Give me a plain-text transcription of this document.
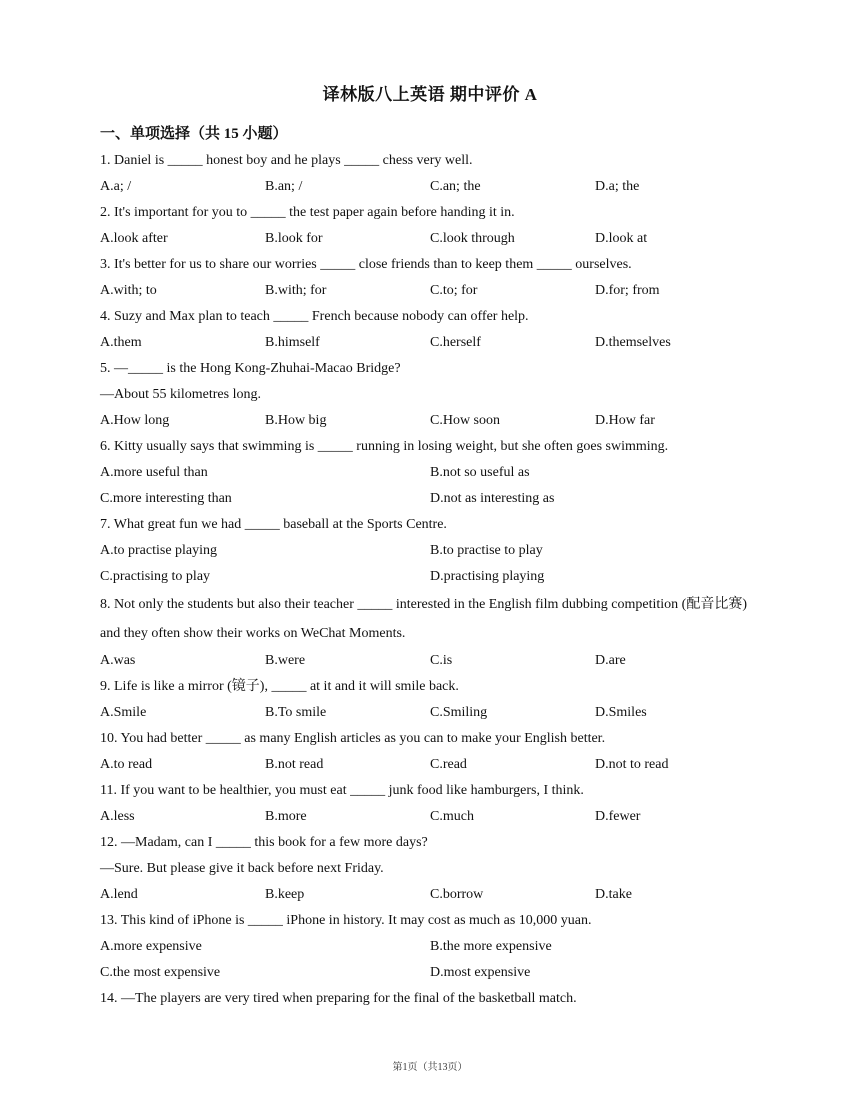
译林版八上英语 期中评价 A
一、单项选择（共 15 小题）
1. Daniel is _____ honest boy and he plays _____ chess very well.
A.a; /	B.an; /	C.an; the	D.a; the
2. It's important for you to _____ the test paper again before handing it in.
A.look after	B.look for	C.look through	D.look at
3. It's better for us to share our worries _____ close friends than to keep them _____ ourselves.
A.with; to	B.with; for	C.to; for	D.for; from
4. Suzy and Max plan to teach _____ French because nobody can offer help.
A.them	B.himself	C.herself	D.themselves
5. —_____ is the Hong Kong-Zhuhai-Macao Bridge?
—About 55 kilometres long.
A.How long	B.How big	C.How soon	D.How far
6. Kitty usually says that swimming is _____ running in losing weight, but she often goes swimming.
A.more useful than	B.not so useful as
C.more interesting than	D.not as interesting as
7. What great fun we had _____ baseball at the Sports Centre.
A.to practise playing	B.to practise to play
C.practising to play	D.practising playing
8. Not only the students but also their teacher _____ interested in the English film dubbing competition (配音比赛) and they often show their works on WeChat Moments.
A.was	B.were	C.is	D.are
9. Life is like a mirror (镜子), _____ at it and it will smile back.
A.Smile	B.To smile	C.Smiling	D.Smiles
10. You had better _____ as many English articles as you can to make your English better.
A.to read	B.not read	C.read	D.not to read
11. If you want to be healthier, you must eat _____ junk food like hamburgers, I think.
A.less	B.more	C.much	D.fewer
12. —Madam, can I _____ this book for a few more days?
—Sure. But please give it back before next Friday.
A.lend	B.keep	C.borrow	D.take
13. This kind of iPhone is _____ iPhone in history. It may cost as much as 10,000 yuan.
A.more expensive	B.the more expensive
C.the most expensive	D.most expensive
14. —The players are very tired when preparing for the final of the basketball match.
第1页（共13页）
